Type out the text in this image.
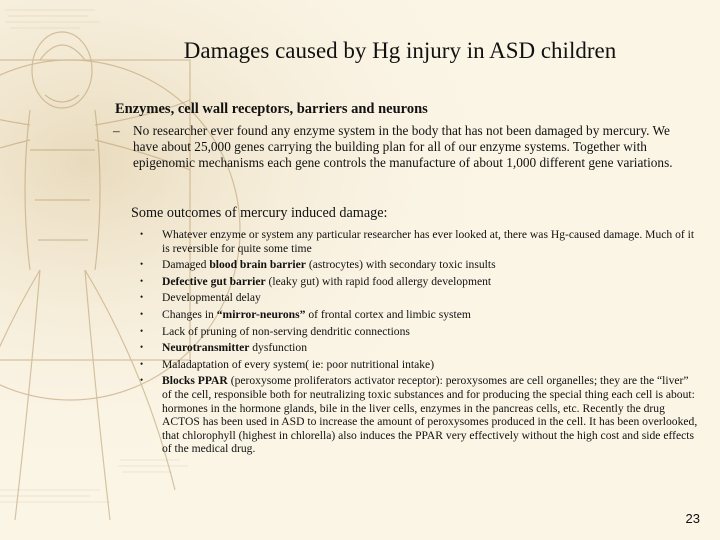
Damages caused by Hg injury in ASD children
Enzymes, cell wall receptors, barriers and neurons
– No researcher ever found any enzyme system in the body that has not been damaged by mercury. We have about 25,000 genes carrying the building plan for all of our enzyme systems. Together with epigenomic mechanisms each gene controls the manufacture of about 1,000 different gene variations.
Some outcomes of mercury induced damage:
• Whatever enzyme or system any particular researcher has ever looked at, there was Hg-caused damage. Much of it is reversible for quite some time
• Damaged blood brain barrier (astrocytes) with secondary toxic insults
• Defective gut barrier (leaky gut) with rapid food allergy development
• Developmental delay
• Changes in “mirror-neurons” of frontal cortex and limbic system
• Lack of pruning of non-serving dendritic connections
• Neurotransmitter dysfunction
• Maladaptation of every system( ie: poor nutritional intake)
• Blocks PPAR (peroxysome proliferators activator receptor): peroxysomes are cell organelles; they are the “liver” of the cell, responsible both for neutralizing toxic substances and for producing the special thing each cell is about: hormones in the hormone glands, bile in the liver cells, enzymes in the pancreas cells, etc. Recently the drug ACTOS has been used in ASD to increase the amount of peroxysomes produced in the cell. It has been overlooked, that chlorophyll (highest in chlorella) also induces the PPAR very effectively without the high cost and side effects of the medical drug.
23
